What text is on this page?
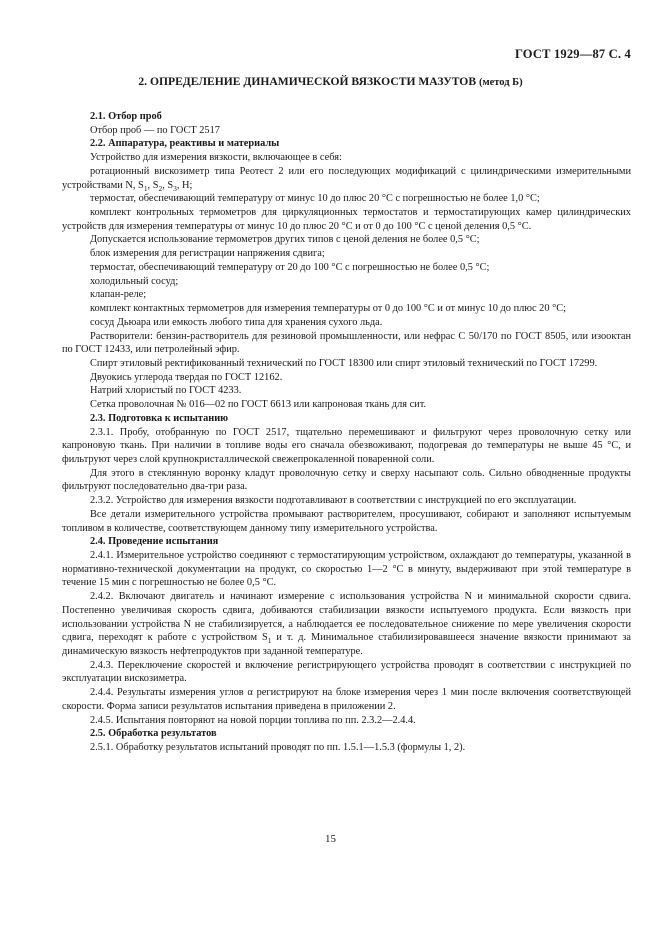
ГОСТ 1929—87 С. 4
2. ОПРЕДЕЛЕНИЕ ДИНАМИЧЕСКОЙ ВЯЗКОСТИ МАЗУТОВ (метод Б)

2.1. Отбор проб

Отбор проб — по ГОСТ 2517

2.2. Аппаратура, реактивы и материалы

Устройство для измерения вязкости, включающее в себя:

ротационный вискозиметр типа Реотест 2 или его последующих модификаций с цилиндрическими измерительными устройствами N, $S_1$, $S_2$, $S_3$, H;

термостат, обеспечивающий температуру от минус 10 до плюс 20 °С с погрешностью не более 1,0 °С;

комплект контрольных термометров для циркуляционных термостатов и термостатирующих камер цилиндрических устройств для измерения температуры от минус 10 до плюс 20 °С и от 0 до 100 °С с ценой деления 0,5 °С.

Допускается использование термометров других типов с ценой деления не более 0,5 °С;

блок измерения для регистрации напряжения сдвига;

термостат, обеспечивающий температуру от 20 до 100 °С с погрешностью не более 0,5 °С;

холодильный сосуд;

клапан-реле;

комплект контактных термометров для измерения температуры от 0 до 100 °С и от минус 10 до плюс 20 °С;

сосуд Дьюара или емкость любого типа для хранения сухого льда.

Растворители: бензин-растворитель для резиновой промышленности, или нефрас С 50/170 по ГОСТ 8505, или изооктан по ГОСТ 12433, или петролейный эфир.

Спирт этиловый ректификованный технический по ГОСТ 18300 или спирт этиловый технический по ГОСТ 17299.

Двуокись углерода твердая по ГОСТ 12162.

Натрий хлористый по ГОСТ 4233.

Сетка проволочная № 016—02 по ГОСТ 6613 или капроновая ткань для сит.

2.3. Подготовка к испытанию

2.3.1. Пробу, отобранную по ГОСТ 2517, тщательно перемешивают и фильтруют через проволочную сетку или капроновую ткань. При наличии в топливе воды его сначала обезвоживают, подогревая до температуры не выше 45 °С, и фильтруют через слой крупнокристаллической свежепрокаленной поваренной соли.

Для этого в стеклянную воронку кладут проволочную сетку и сверху насыпают соль. Сильно обводненные продукты фильтруют последовательно два-три раза.

2.3.2. Устройство для измерения вязкости подготавливают в соответствии с инструкцией по его эксплуатации.

Все детали измерительного устройства промывают растворителем, просушивают, собирают и заполняют испытуемым топливом в количестве, соответствующем данному типу измерительного устройства.

2.4. Проведение испытания

2.4.1. Измерительное устройство соединяют с термостатирующим устройством, охлаждают до температуры, указанной в нормативно-технической документации на продукт, со скоростью 1—2 °С в минуту, выдерживают при этой температуре в течение 15 мин с погрешностью не более 0,5 °С.

2.4.2. Включают двигатель и начинают измерение с использования устройства N и минимальной скорости сдвига. Постепенно увеличивая скорость сдвига, добиваются стабилизации вязкости испытуемого продукта. Если вязкость при использовании устройства N не стабилизируется, а наблюдается ее последовательное снижение по мере увеличения скорости сдвига, переходят к работе с устройством $S_1$ и т. д. Минимальное стабилизировавшееся значение вязкости принимают за динамическую вязкость нефтепродуктов при заданной температуре.

2.4.3. Переключение скоростей и включение регистрирующего устройства проводят в соответствии с инструкцией по эксплуатации вискозиметра.

2.4.4. Результаты измерения углов α регистрируют на блоке измерения через 1 мин после включения соответствующей скорости. Форма записи результатов испытания приведена в приложении 2.

2.4.5. Испытания повторяют на новой порции топлива по пп. 2.3.2—2.4.4.

2.5. Обработка результатов

2.5.1. Обработку результатов испытаний проводят по пп. 1.5.1—1.5.3 (формулы 1, 2).

15
